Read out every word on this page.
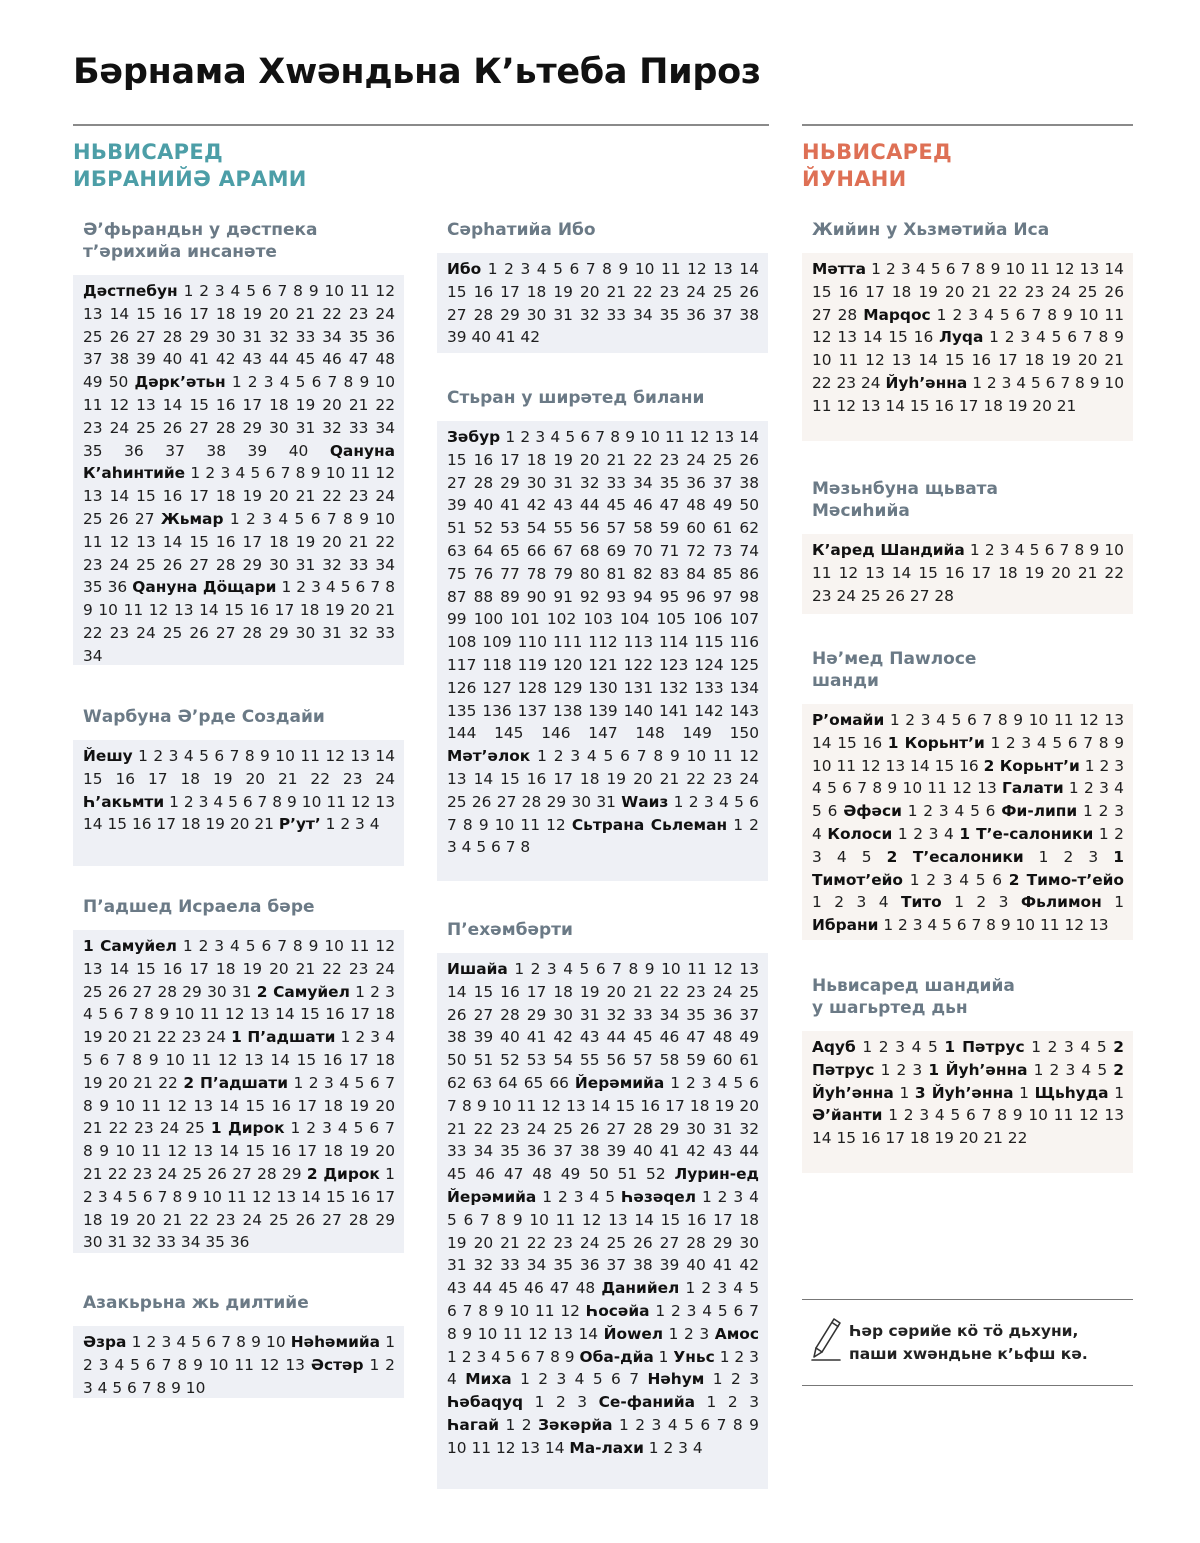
Бәрнама Хwәндьна К’ьтеба Пироз
НЬВИСАРЕД
ИБРАНИЙӘ АРАМИ
НЬВИСАРЕД
ЙУНАНИ
Ә’фьрандьн у дәстпека
т’әрихийа инсанәте
Дәстпебун 1 2 3 4 5 6 7 8 9 10 11 12 13 14 15 16 17 18 19 20 21 22 23 24 25 26 27 28 29 30 31 32 33 34 35 36 37 38 39 40 41 42 43 44 45 46 47 48 49 50 Дәрк’әтьн 1 2 3 4 5 6 7 8 9 10 11 12 13 14 15 16 17 18 19 20 21 22 23 24 25 26 27 28 29 30 31 32 33 34 35 36 37 38 39 40 Ԛануна К’аһинтийе 1 2 3 4 5 6 7 8 9 10 11 12 13 14 15 16 17 18 19 20 21 22 23 24 25 26 27 Жьмар 1 2 3 4 5 6 7 8 9 10 11 12 13 14 15 16 17 18 19 20 21 22 23 24 25 26 27 28 29 30 31 32 33 34 35 36 Ԛануна Дӧщари 1 2 3 4 5 6 7 8 9 10 11 12 13 14 15 16 17 18 19 20 21 22 23 24 25 26 27 28 29 30 31 32 33 34
Wарбуна Ә’рде Создайи
Йешу 1 2 3 4 5 6 7 8 9 10 11 12 13 14 15 16 17 18 19 20 21 22 23 24 Һ’акьмти 1 2 3 4 5 6 7 8 9 10 11 12 13 14 15 16 17 18 19 20 21 Р’ут’ 1 2 3 4
П’адшед Исраела бәре
1 Самуйел 1 2 3 4 5 6 7 8 9 10 11 12 13 14 15 16 17 18 19 20 21 22 23 24 25 26 27 28 29 30 31 2 Самуйел 1 2 3 4 5 6 7 8 9 10 11 12 13 14 15 16 17 18 19 20 21 22 23 24 1 П’адшати 1 2 3 4 5 6 7 8 9 10 11 12 13 14 15 16 17 18 19 20 21 22 2 П’адшати 1 2 3 4 5 6 7 8 9 10 11 12 13 14 15 16 17 18 19 20 21 22 23 24 25 1 Дирок 1 2 3 4 5 6 7 8 9 10 11 12 13 14 15 16 17 18 19 20 21 22 23 24 25 26 27 28 29 2 Дирок 1 2 3 4 5 6 7 8 9 10 11 12 13 14 15 16 17 18 19 20 21 22 23 24 25 26 27 28 29 30 31 32 33 34 35 36
Азакьрьна жь дилтийе
Әзра 1 2 3 4 5 6 7 8 9 10 Нәһәмийа 1 2 3 4 5 6 7 8 9 10 11 12 13 Әстәр 1 2 3 4 5 6 7 8 9 10
Сәрһатийа Ибо
Ибо 1 2 3 4 5 6 7 8 9 10 11 12 13 14 15 16 17 18 19 20 21 22 23 24 25 26 27 28 29 30 31 32 33 34 35 36 37 38 39 40 41 42
Стьран у ширәтед билани
Зәбур 1 2 3 4 5 6 7 8 9 10 11 12 13 14 15 16 17 18 19 20 21 22 23 24 25 26 27 28 29 30 31 32 33 34 35 36 37 38 39 40 41 42 43 44 45 46 47 48 49 50 51 52 53 54 55 56 57 58 59 60 61 62 63 64 65 66 67 68 69 70 71 72 73 74 75 76 77 78 79 80 81 82 83 84 85 86 87 88 89 90 91 92 93 94 95 96 97 98 99 100 101 102 103 104 105 106 107 108 109 110 111 112 113 114 115 116 117 118 119 120 121 122 123 124 125 126 127 128 129 130 131 132 133 134 135 136 137 138 139 140 141 142 143 144 145 146 147 148 149 150 Мәт’әлок 1 2 3 4 5 6 7 8 9 10 11 12 13 14 15 16 17 18 19 20 21 22 23 24 25 26 27 28 29 30 31 Wаиз 1 2 3 4 5 6 7 8 9 10 11 12 Сьтрана Сьлеман 1 2 3 4 5 6 7 8
П’ехәмбәрти
Ишайа 1 2 3 4 5 6 7 8 9 10 11 12 13 14 15 16 17 18 19 20 21 22 23 24 25 26 27 28 29 30 31 32 33 34 35 36 37 38 39 40 41 42 43 44 45 46 47 48 49 50 51 52 53 54 55 56 57 58 59 60 61 62 63 64 65 66 Йерәмийа 1 2 3 4 5 6 7 8 9 10 11 12 13 14 15 16 17 18 19 20 21 22 23 24 25 26 27 28 29 30 31 32 33 34 35 36 37 38 39 40 41 42 43 44 45 46 47 48 49 50 51 52 Лурин-ед Йерәмийа 1 2 3 4 5 Һәзәԛел 1 2 3 4 5 6 7 8 9 10 11 12 13 14 15 16 17 18 19 20 21 22 23 24 25 26 27 28 29 30 31 32 33 34 35 36 37 38 39 40 41 42 43 44 45 46 47 48 Данийел 1 2 3 4 5 6 7 8 9 10 11 12 Һосәйа 1 2 3 4 5 6 7 8 9 10 11 12 13 14 Йоwел 1 2 3 Амос 1 2 3 4 5 6 7 8 9 Оба-дйа 1 Уньс 1 2 3 4 Миха 1 2 3 4 5 6 7 Нәһум 1 2 3 Һәбаԛуԛ 1 2 3 Се-фанийа 1 2 3 Һагай 1 2 Зәкәрйа 1 2 3 4 5 6 7 8 9 10 11 12 13 14 Ма-лахи 1 2 3 4
Жийин у Хьзмәтийа Иса
Мәтта 1 2 3 4 5 6 7 8 9 10 11 12 13 14 15 16 17 18 19 20 21 22 23 24 25 26 27 28 Марԛос 1 2 3 4 5 6 7 8 9 10 11 12 13 14 15 16 Луԛа 1 2 3 4 5 6 7 8 9 10 11 12 13 14 15 16 17 18 19 20 21 22 23 24 Йуһ’әнна 1 2 3 4 5 6 7 8 9 10 11 12 13 14 15 16 17 18 19 20 21
Мәзьнбуна щьвата
Мәсиһийа
К’аред Шандийа 1 2 3 4 5 6 7 8 9 10 11 12 13 14 15 16 17 18 19 20 21 22 23 24 25 26 27 28
Нә’мед Пawлосе
шанди
Р’омайи 1 2 3 4 5 6 7 8 9 10 11 12 13 14 15 16 1 Корьнт’и 1 2 3 4 5 6 7 8 9 10 11 12 13 14 15 16 2 Корьнт’и 1 2 3 4 5 6 7 8 9 10 11 12 13 Галати 1 2 3 4 5 6 Әфәси 1 2 3 4 5 6 Фи-липи 1 2 3 4 Колоси 1 2 3 4 1 Т’е-салоники 1 2 3 4 5 2 Т’есалоники 1 2 3 1 Тимот’ейо 1 2 3 4 5 6 2 Тимо-т’ейо 1 2 3 4 Тито 1 2 3 Фьлимон 1 Ибрани 1 2 3 4 5 6 7 8 9 10 11 12 13
Ньвисаред шандийа
у шагьртед дьн
Аԛуб 1 2 3 4 5 1 Пәтрус 1 2 3 4 5 2 Пәтрус 1 2 3 1 Йуһ’әнна 1 2 3 4 5 2 Йуһ’әнна 1 3 Йуһ’әнна 1 Щьһуда 1 Ә’йанти 1 2 3 4 5 6 7 8 9 10 11 12 13 14 15 16 17 18 19 20 21 22
Һәр сәрийе кӧ тӧ дьхуни,
паши хwәндьне к’ьфш кә.
